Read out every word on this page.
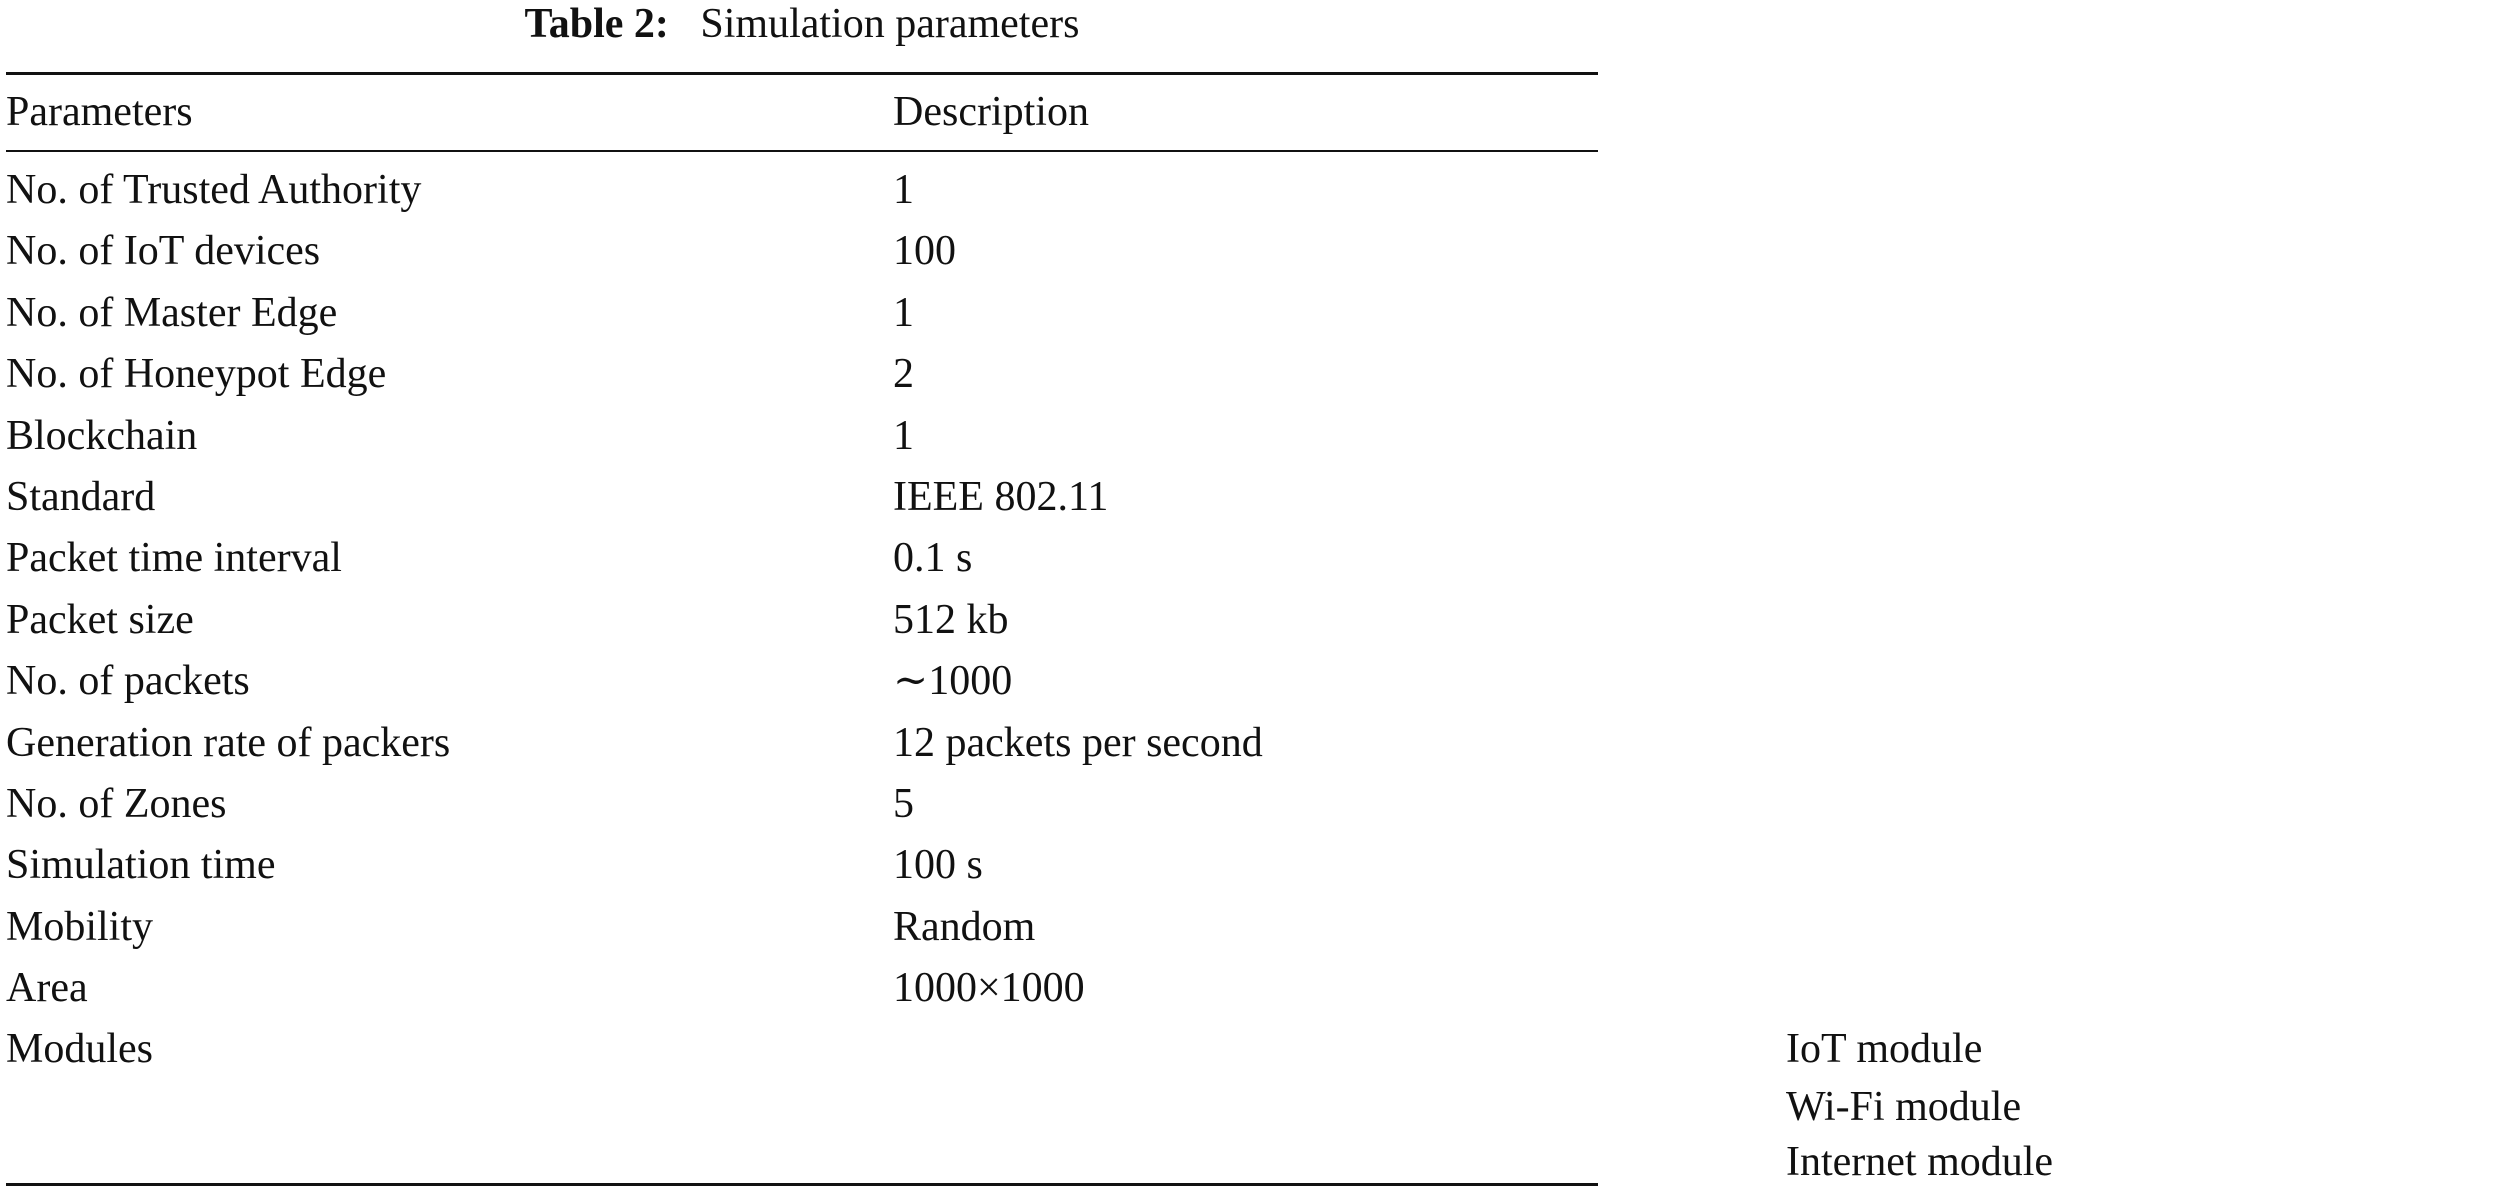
Table 2: Simulation parameters
Parameters	Description
No. of Trusted Authority	1
No. of IoT devices	100
No. of Master Edge	1
No. of Honeypot Edge	2
Blockchain	1
Standard	IEEE 802.11
Packet time interval	0.1 s
Packet size	512 kb
No. of packets	∼1000
Generation rate of packers	12 packets per second
No. of Zones	5
Simulation time	100 s
Mobility	Random
Area	1000×1000
Modules	IoT module
Wi-Fi module
Internet module
